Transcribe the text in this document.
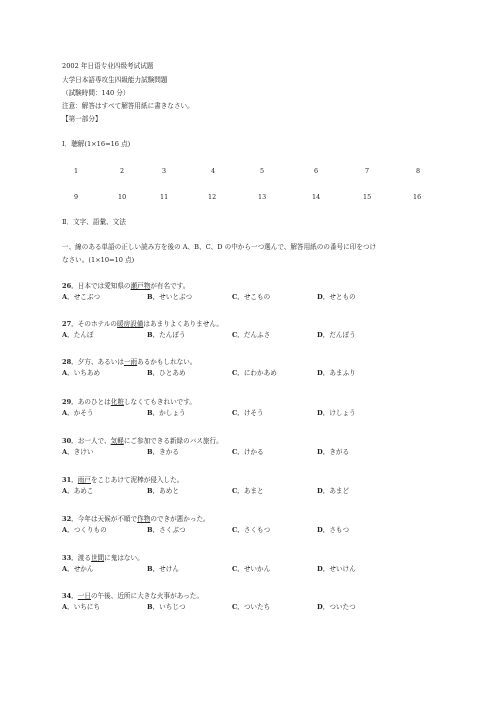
2002 年日语专业四级考试试题
大学日本語専攻生四級能力試験問題
（試験時間：140 分）
注意：解答はすべて解答用紙に書きなさい。
【第一部分】
Ⅰ．聴解(1×16=16 点)
1	2	3	4	5	6	7	8
9	10	11	12	13	14	15	16
Ⅱ．文字、語彙、文法
一、線のある単語の正しい読み方を後の A、B、C、D の中から一つ選んで、解答用紙のの番号に印をつけ
なさい。(1×10=10 点)
26．日本では愛知県の瀬戸物が有名です。
A．せこぶつ	B．せいとぶつ	C．せこもの	D．せともの
27．そのホテルの暖房設備はあまりよくありません。
A．たんぼ	B．たんぼう	C．だんふさ	D．だんぼう
28．夕方、あるいは一雨あるかもしれない。
A．いちあめ	B．ひとあめ	C．にわかあめ	D．あまふり
29．あのひとは化粧しなくてもきれいです。
A．かそう	B．かしょう	C．けそう	D．けしょう
30．お一人で、気軽にご参加できる新緑のバス旅行。
A．きけい	B．きかる	C．けかる	D．きがる
31．雨戸をこじあけて泥棒が侵入した。
A．あめこ	B．あめと	C．あまと	D．あまど
32．今年は天候が不順で作物のできが悪かった。
A．つくりもの	B．さくぶつ	C．さくもつ	D．さもつ
33．渡る世間に鬼はない。
A．せかん	B．せけん	C．せいかん	D．せいけん
34．一日の午後、近所に大きな火事があった。
A．いちにち	B．いちじつ	C．ついたち	D．ついたつ
